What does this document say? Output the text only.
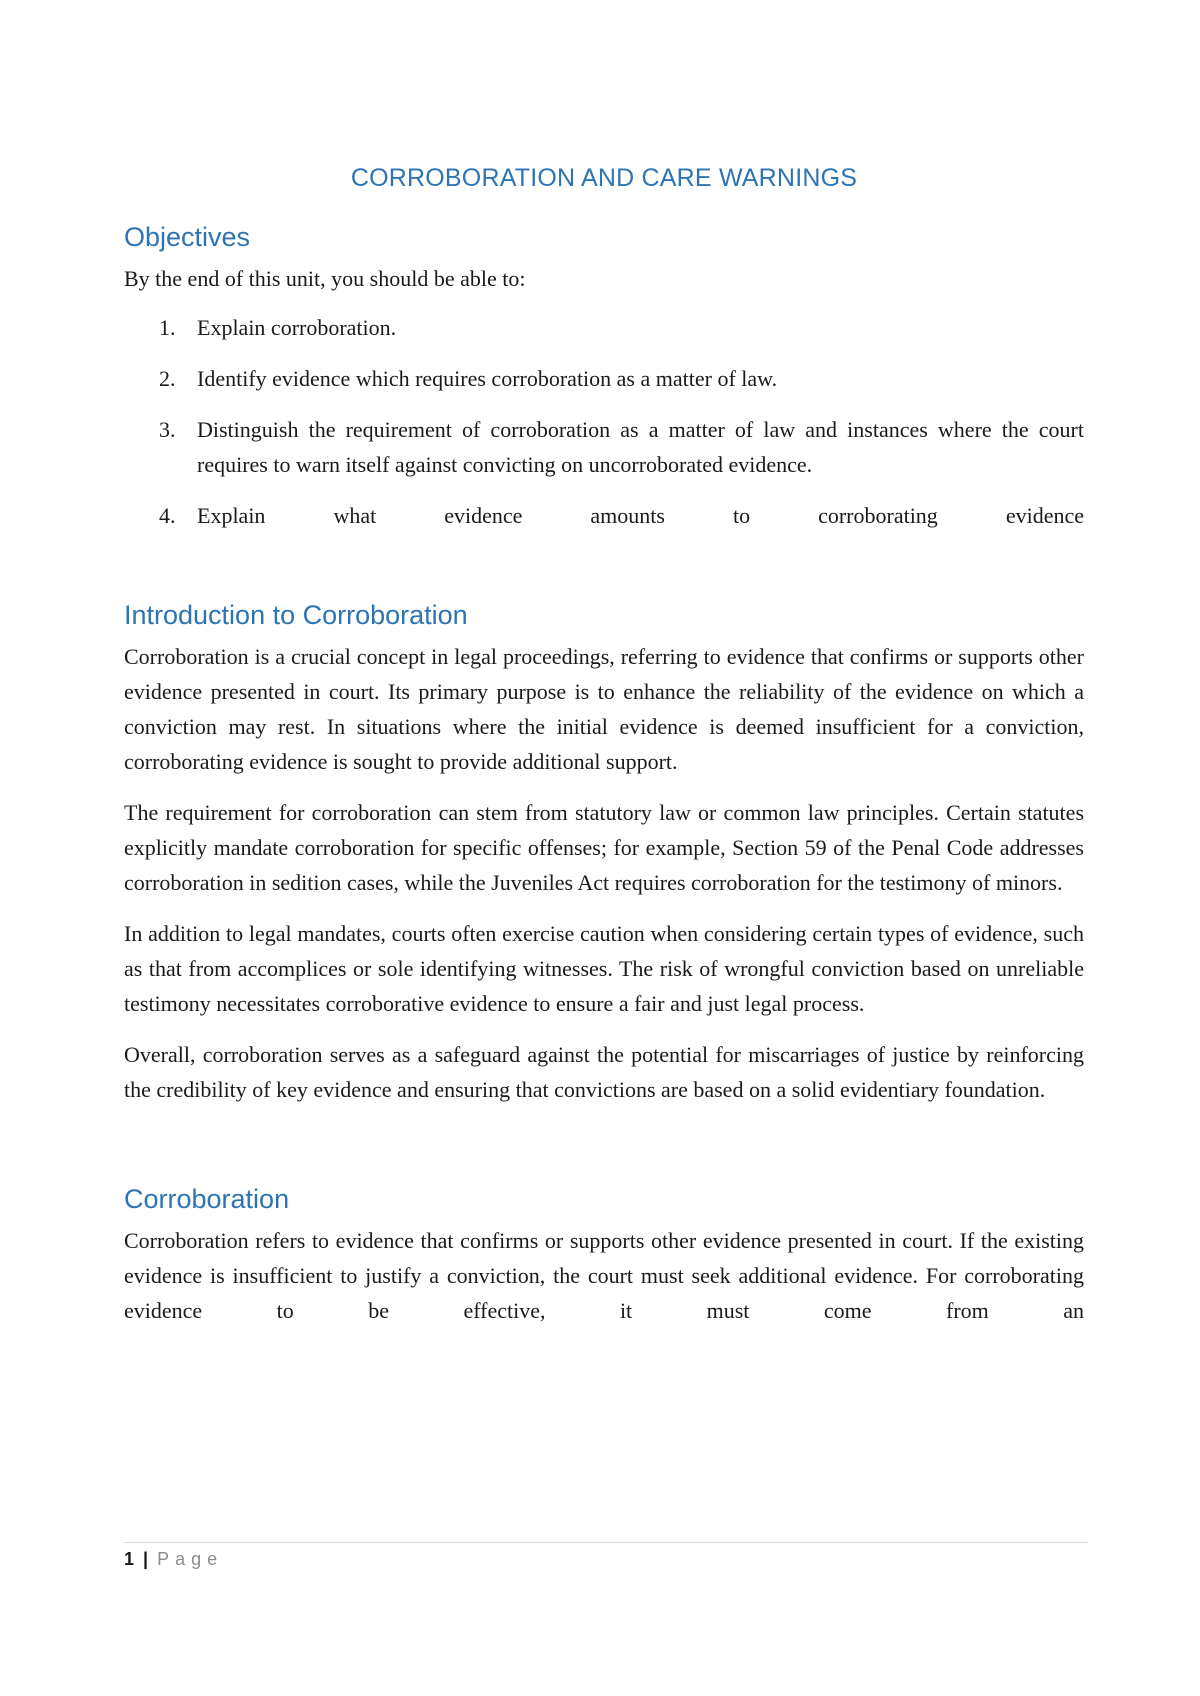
CORROBORATION AND CARE WARNINGS
Objectives

By the end of this unit, you should be able to:

1. Explain corroboration.
2. Identify evidence which requires corroboration as a matter of law.
3. Distinguish the requirement of corroboration as a matter of law and instances where the court requires to warn itself against convicting on uncorroborated evidence.
4. Explain what evidence amounts to corroborating evidence
Introduction to Corroboration

Corroboration is a crucial concept in legal proceedings, referring to evidence that confirms or supports other evidence presented in court. Its primary purpose is to enhance the reliability of the evidence on which a conviction may rest. In situations where the initial evidence is deemed insufficient for a conviction, corroborating evidence is sought to provide additional support.

The requirement for corroboration can stem from statutory law or common law principles. Certain statutes explicitly mandate corroboration for specific offenses; for example, Section 59 of the Penal Code addresses corroboration in sedition cases, while the Juveniles Act requires corroboration for the testimony of minors.

In addition to legal mandates, courts often exercise caution when considering certain types of evidence, such as that from accomplices or sole identifying witnesses. The risk of wrongful conviction based on unreliable testimony necessitates corroborative evidence to ensure a fair and just legal process.

Overall, corroboration serves as a safeguard against the potential for miscarriages of justice by reinforcing the credibility of key evidence and ensuring that convictions are based on a solid evidentiary foundation.

Corroboration

Corroboration refers to evidence that confirms or supports other evidence presented in court. If the existing evidence is insufficient to justify a conviction, the court must seek additional evidence. For corroborating evidence to be effective, it must come from an

1 | Page
